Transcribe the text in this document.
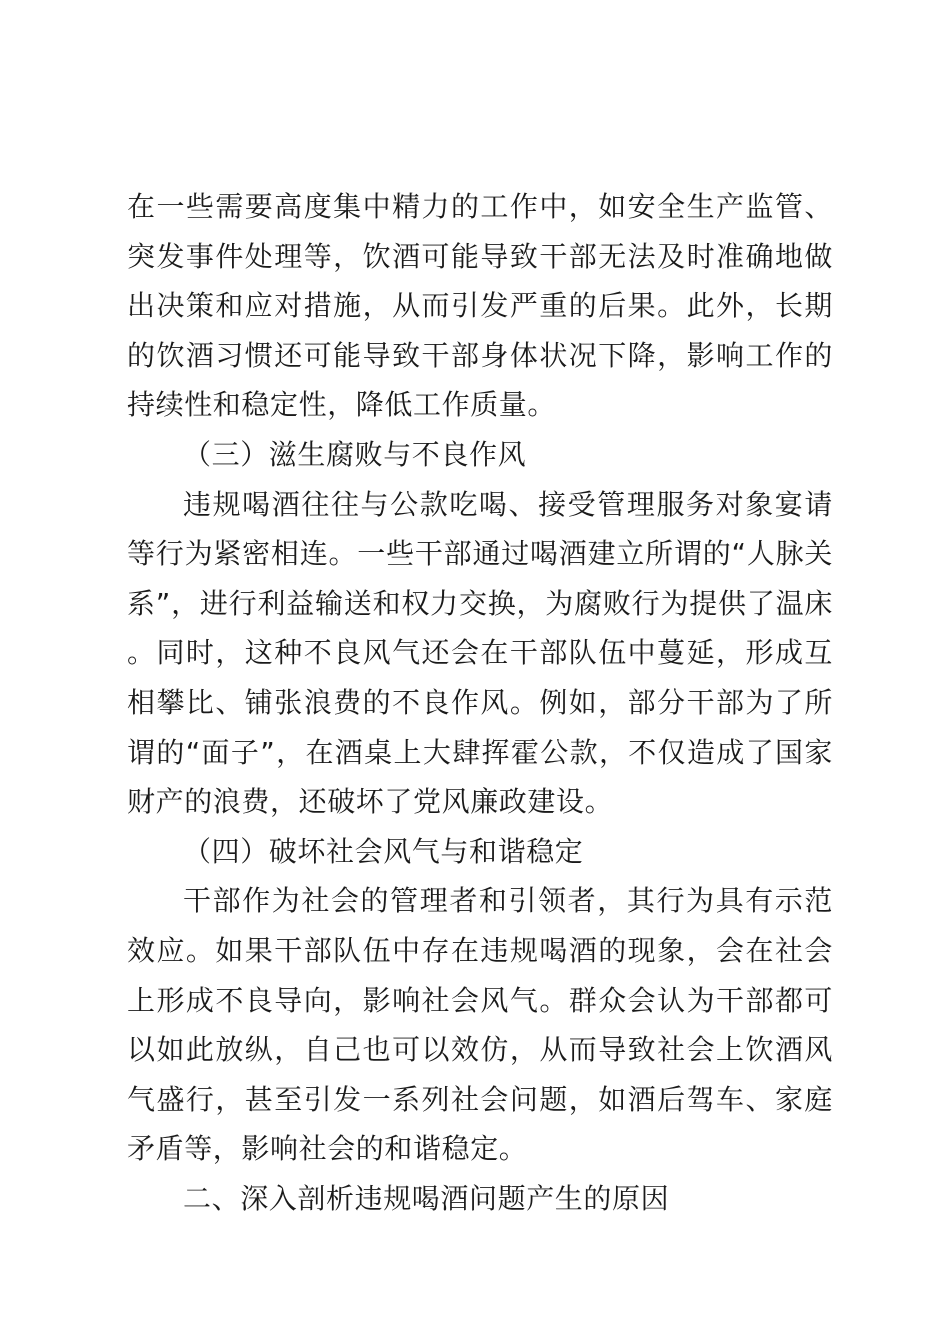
在一些需要高度集中精力的工作中，如安全生产监管、突发事件处理等，饮酒可能导致干部无法及时准确地做出决策和应对措施，从而引发严重的后果。此外，长期的饮酒习惯还可能导致干部身体状况下降，影响工作的持续性和稳定性，降低工作质量。

（三）滋生腐败与不良作风

违规喝酒往往与公款吃喝、接受管理服务对象宴请等行为紧密相连。一些干部通过喝酒建立所谓的“人脉关系”，进行利益输送和权力交换，为腐败行为提供了温床。同时，这种不良风气还会在干部队伍中蔓延，形成互相攀比、铺张浪费的不良作风。例如，部分干部为了所谓的“面子”，在酒桌上大肆挥霍公款，不仅造成了国家财产的浪费，还破坏了党风廉政建设。

（四）破坏社会风气与和谐稳定

干部作为社会的管理者和引领者，其行为具有示范效应。如果干部队伍中存在违规喝酒的现象，会在社会上形成不良导向，影响社会风气。群众会认为干部都可以如此放纵，自己也可以效仿，从而导致社会上饮酒风气盛行，甚至引发一系列社会问题，如酒后驾车、家庭矛盾等，影响社会的和谐稳定。

二、深入剖析违规喝酒问题产生的原因
